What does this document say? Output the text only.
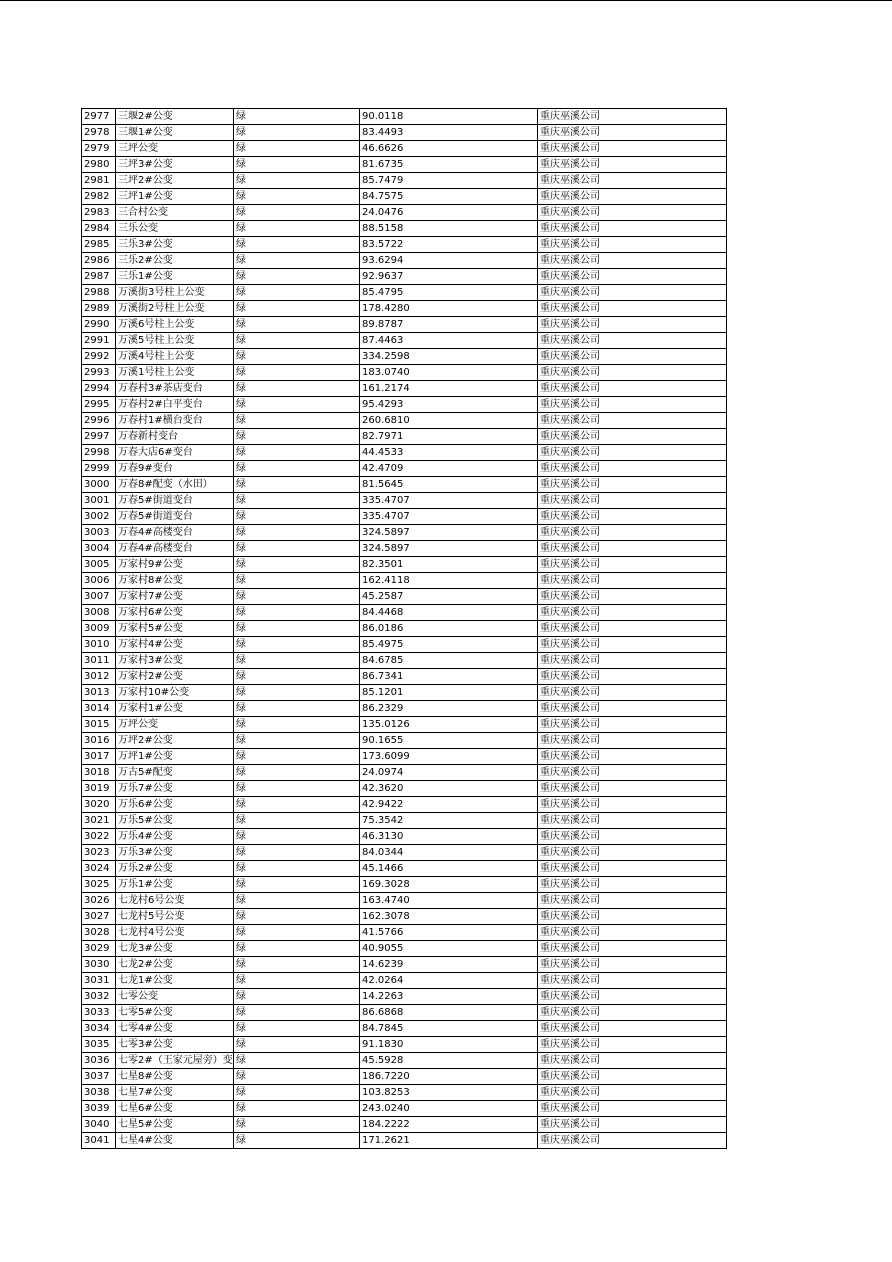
2977	三堰2#公变	绿	90.0118	重庆巫溪公司
2978	三堰1#公变	绿	83.4493	重庆巫溪公司
2979	三坪公变	绿	46.6626	重庆巫溪公司
2980	三坪3#公变	绿	81.6735	重庆巫溪公司
2981	三坪2#公变	绿	85.7479	重庆巫溪公司
2982	三坪1#公变	绿	84.7575	重庆巫溪公司
2983	三合村公变	绿	24.0476	重庆巫溪公司
2984	三乐公变	绿	88.5158	重庆巫溪公司
2985	三乐3#公变	绿	83.5722	重庆巫溪公司
2986	三乐2#公变	绿	93.6294	重庆巫溪公司
2987	三乐1#公变	绿	92.9637	重庆巫溪公司
2988	万溪街3号柱上公变	绿	85.4795	重庆巫溪公司
2989	万溪街2号柱上公变	绿	178.4280	重庆巫溪公司
2990	万溪6号柱上公变	绿	89.8787	重庆巫溪公司
2991	万溪5号柱上公变	绿	87.4463	重庆巫溪公司
2992	万溪4号柱上公变	绿	334.2598	重庆巫溪公司
2993	万溪1号柱上公变	绿	183.0740	重庆巫溪公司
2994	万春村3#茶店变台	绿	161.2174	重庆巫溪公司
2995	万春村2#白平变台	绿	95.4293	重庆巫溪公司
2996	万春村1#横台变台	绿	260.6810	重庆巫溪公司
2997	万春新村变台	绿	82.7971	重庆巫溪公司
2998	万春大店6#变台	绿	44.4533	重庆巫溪公司
2999	万春9#变台	绿	42.4709	重庆巫溪公司
3000	万春8#配变（水田）	绿	81.5645	重庆巫溪公司
3001	万春5#街道变台	绿	335.4707	重庆巫溪公司
3002	万春5#街道变台	绿	335.4707	重庆巫溪公司
3003	万春4#高楼变台	绿	324.5897	重庆巫溪公司
3004	万春4#高楼变台	绿	324.5897	重庆巫溪公司
3005	万家村9#公变	绿	82.3501	重庆巫溪公司
3006	万家村8#公变	绿	162.4118	重庆巫溪公司
3007	万家村7#公变	绿	45.2587	重庆巫溪公司
3008	万家村6#公变	绿	84.4468	重庆巫溪公司
3009	万家村5#公变	绿	86.0186	重庆巫溪公司
3010	万家村4#公变	绿	85.4975	重庆巫溪公司
3011	万家村3#公变	绿	84.6785	重庆巫溪公司
3012	万家村2#公变	绿	86.7341	重庆巫溪公司
3013	万家村10#公变	绿	85.1201	重庆巫溪公司
3014	万家村1#公变	绿	86.2329	重庆巫溪公司
3015	万坪公变	绿	135.0126	重庆巫溪公司
3016	万坪2#公变	绿	90.1655	重庆巫溪公司
3017	万坪1#公变	绿	173.6099	重庆巫溪公司
3018	万古5#配变	绿	24.0974	重庆巫溪公司
3019	万乐7#公变	绿	42.3620	重庆巫溪公司
3020	万乐6#公变	绿	42.9422	重庆巫溪公司
3021	万乐5#公变	绿	75.3542	重庆巫溪公司
3022	万乐4#公变	绿	46.3130	重庆巫溪公司
3023	万乐3#公变	绿	84.0344	重庆巫溪公司
3024	万乐2#公变	绿	45.1466	重庆巫溪公司
3025	万乐1#公变	绿	169.3028	重庆巫溪公司
3026	七龙村6号公变	绿	163.4740	重庆巫溪公司
3027	七龙村5号公变	绿	162.3078	重庆巫溪公司
3028	七龙村4号公变	绿	41.5766	重庆巫溪公司
3029	七龙3#公变	绿	40.9055	重庆巫溪公司
3030	七龙2#公变	绿	14.6239	重庆巫溪公司
3031	七龙1#公变	绿	42.0264	重庆巫溪公司
3032	七零公变	绿	14.2263	重庆巫溪公司
3033	七零5#公变	绿	86.6868	重庆巫溪公司
3034	七零4#公变	绿	84.7845	重庆巫溪公司
3035	七零3#公变	绿	91.1830	重庆巫溪公司
3036	七零2#（王家元屋旁）变	绿	45.5928	重庆巫溪公司
3037	七星8#公变	绿	186.7220	重庆巫溪公司
3038	七星7#公变	绿	103.8253	重庆巫溪公司
3039	七星6#公变	绿	243.0240	重庆巫溪公司
3040	七星5#公变	绿	184.2222	重庆巫溪公司
3041	七星4#公变	绿	171.2621	重庆巫溪公司
